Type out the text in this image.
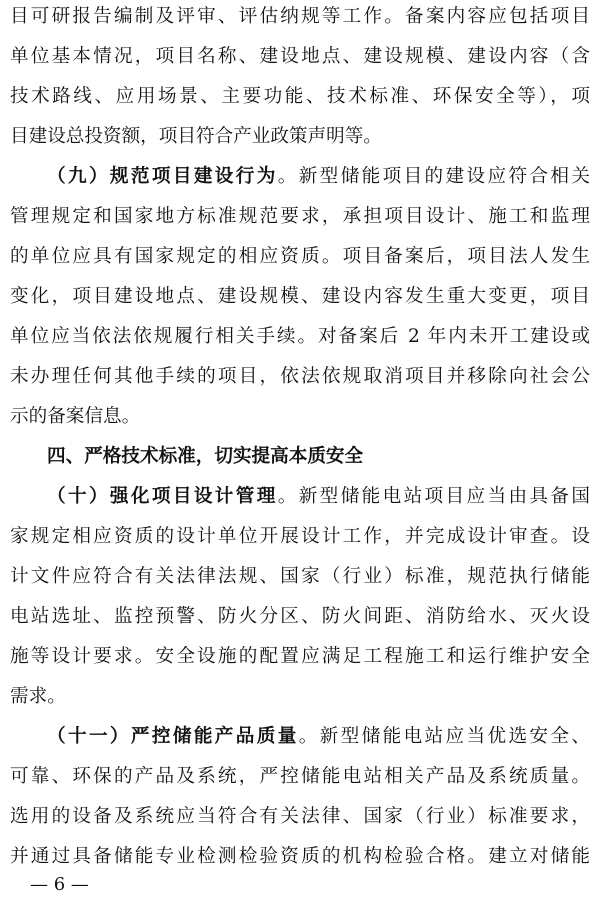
目可研报告编制及评审、评估纳规等工作。备案内容应包括项目
单位基本情况，项目名称、建设地点、建设规模、建设内容（含
技术路线、应用场景、主要功能、技术标准、环保安全等），项
目建设总投资额，项目符合产业政策声明等。
（九）规范项目建设行为。新型储能项目的建设应符合相关
管理规定和国家地方标准规范要求，承担项目设计、施工和监理
的单位应具有国家规定的相应资质。项目备案后，项目法人发生
变化，项目建设地点、建设规模、建设内容发生重大变更，项目
单位应当依法依规履行相关手续。对备案后 2 年内未开工建设或
未办理任何其他手续的项目，依法依规取消项目并移除向社会公
示的备案信息。
四、严格技术标准，切实提高本质安全
（十）强化项目设计管理。新型储能电站项目应当由具备国
家规定相应资质的设计单位开展设计工作，并完成设计审查。设
计文件应符合有关法律法规、国家（行业）标准，规范执行储能
电站选址、监控预警、防火分区、防火间距、消防给水、灭火设
施等设计要求。安全设施的配置应满足工程施工和运行维护安全
需求。
（十一）严控储能产品质量。新型储能电站应当优选安全、
可靠、环保的产品及系统，严控储能电站相关产品及系统质量。
选用的设备及系统应当符合有关法律、国家（行业）标准要求，
并通过具备储能专业检测检验资质的机构检验合格。建立对储能
— 6 —
